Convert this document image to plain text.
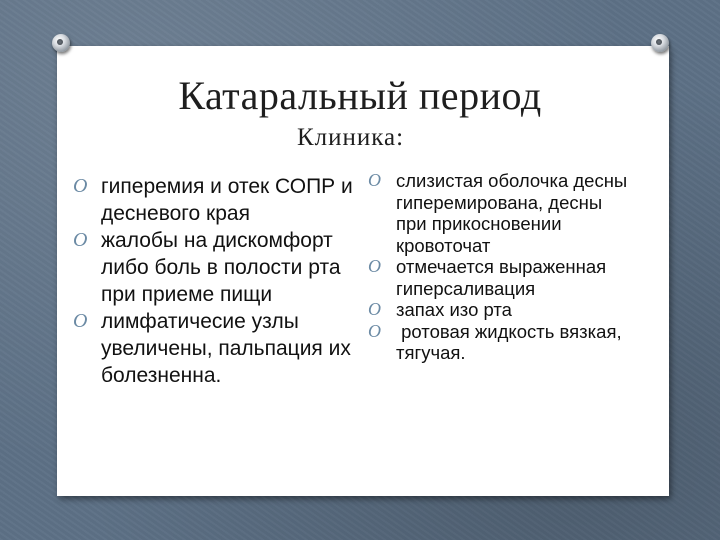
Катаральный период
Клиника:
O гиперемия и отек СОПР и десневого края
O жалобы на дискомфорт либо боль в полости рта при приеме пищи
O лимфатичесие узлы увеличены, пальпация их болезненна.
O слизистая оболочка десны гиперемирована, десны при прикосновении кровоточат
O отмечается выраженная гиперсаливация
O запах изо рта
O ротовая жидкость вязкая, тягучая.
